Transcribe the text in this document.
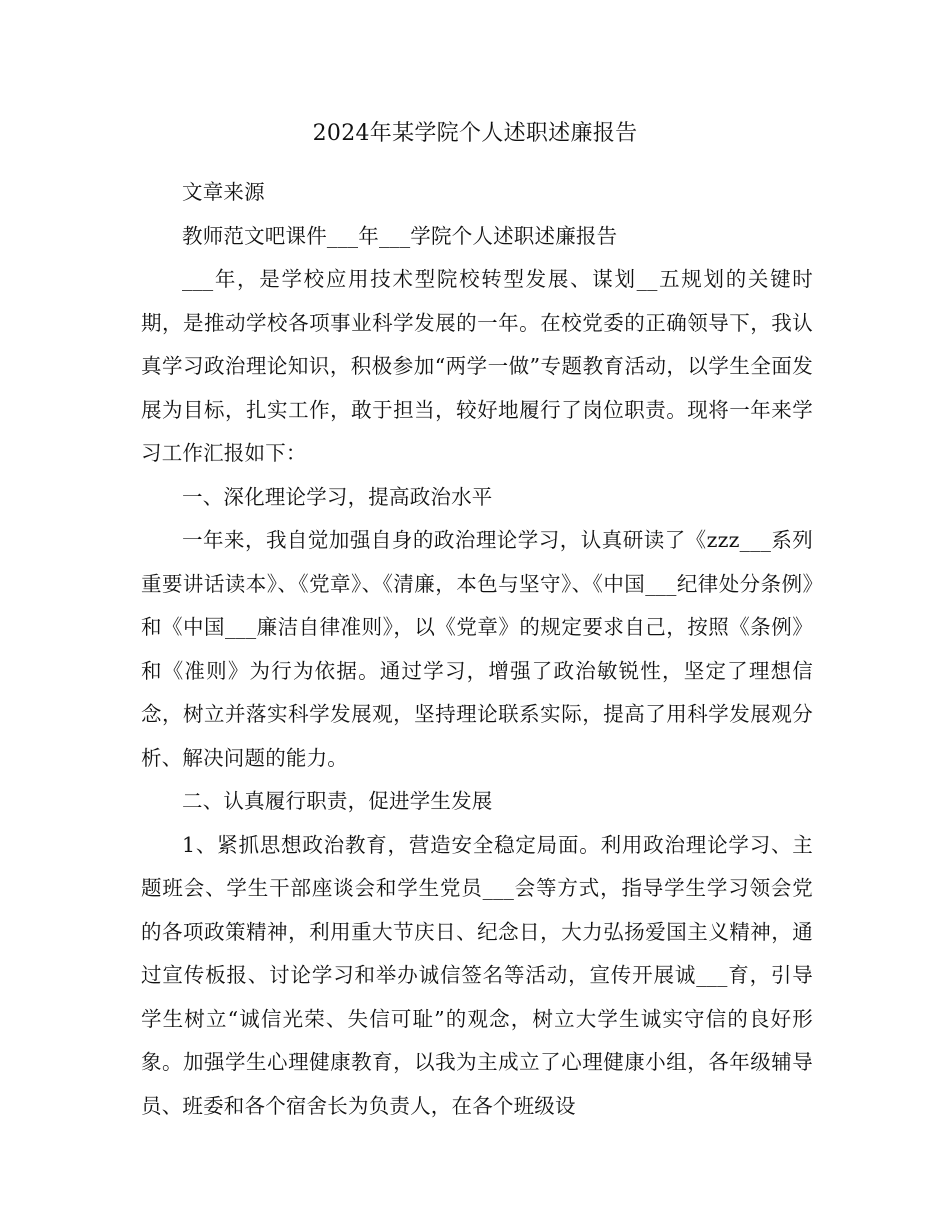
2024年某学院个人述职述廉报告

文章来源

教师范文吧课件___年___学院个人述职述廉报告

___年，是学校应用技术型院校转型发展、谋划__五规划的关键时期，是推动学校各项事业科学发展的一年。在校党委的正确领导下，我认真学习政治理论知识，积极参加“两学一做”专题教育活动，以学生全面发展为目标，扎实工作，敢于担当，较好地履行了岗位职责。现将一年来学习工作汇报如下：

一、深化理论学习，提高政治水平

一年来，我自觉加强自身的政治理论学习，认真研读了《zzz___系列重要讲话读本》、《党章》、《清廉，本色与坚守》、《中国___纪律处分条例》和《中国___廉洁自律准则》，以《党章》的规定要求自己，按照《条例》和《准则》为行为依据。通过学习，增强了政治敏锐性，坚定了理想信念，树立并落实科学发展观，坚持理论联系实际，提高了用科学发展观分析、解决问题的能力。

二、认真履行职责，促进学生发展

1、紧抓思想政治教育，营造安全稳定局面。利用政治理论学习、主题班会、学生干部座谈会和学生党员___会等方式，指导学生学习领会党的各项政策精神，利用重大节庆日、纪念日，大力弘扬爱国主义精神，通过宣传板报、讨论学习和举办诚信签名等活动，宣传开展诚___育，引导学生树立“诚信光荣、失信可耻”的观念，树立大学生诚实守信的良好形象。加强学生心理健康教育，以我为主成立了心理健康小组，各年级辅导员、班委和各个宿舍长为负责人，在各个班级设
